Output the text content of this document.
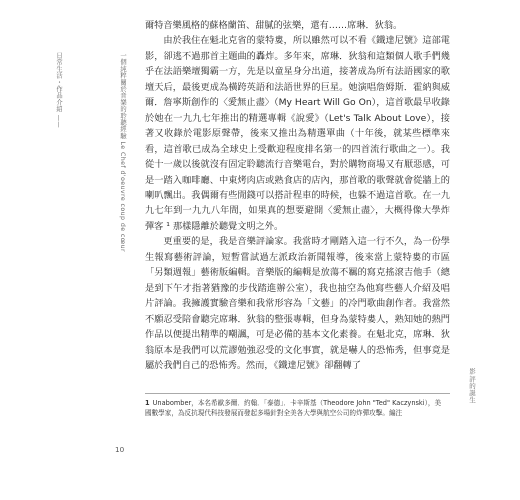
日常生活・作品介紹 ——	一個純粹關於音樂的聆聽經驗 Le Chef d'oeuvre coup de cœur

爾特音樂風格的蘇格蘭笛、甜膩的弦樂，還有……席琳．狄翁。

由於我住在魁北克省的蒙特婁，所以雖然可以不看《鐵達尼號》這部電影，卻逃不過那首主題曲的轟炸。多年來，席琳．狄翁和這類個人歌手們幾乎在法語樂壇獨霸一方，先是以童星身分出道，接著成為所有法語國家的歌壇天后，最後更成為橫跨英語和法語世界的巨星。她演唱詹姆斯．霍納與威爾．詹寧斯創作的〈愛無止盡〉（My Heart Will Go On），這首歌最早收錄於她在一九九七年推出的精選專輯《說愛》（Let's Talk About Love），接著又收錄於電影原聲帶，後來又推出為精選單曲（十年後，就某些標準來看，這首歌已成為全球史上受歡迎程度排名第一的四首流行歌曲之一）。我從十一歲以後就沒有固定聆聽流行音樂電台，對於購物商場又有厭惡感，可是一踏入咖啡廳、中東烤肉店或熟食店的店內，那首歌的歌聲就會從牆上的喇叭飄出。我偶爾有些閒錢可以搭計程車的時候，也躲不過這首歌。在一九九七年到一九九八年間，如果真的想要避開〈愛無止盡〉，大概得像大學炸彈客 ¹ 那樣隱離於聽覺文明之外。

更重要的是，我是音樂評論家。我當時才剛踏入這一行不久，為一份學生報寫藝術評論，短暫嘗試過左派政治新聞報導，後來當上蒙特婁的市區「另類週報」藝術版編輯。音樂版的編輯是放蕩不羈的寫克搖滾吉他手（總是到下午才指著猶豫的步伐踏進辦公室），我也抽空為他寫些藝人介紹及唱片評論。我擁護實驗音樂和我常形容為「文藝」的冷門歌曲創作者。我當然不願忍受陪會聽完席琳．狄翁的整張專輯，但身為蒙特婁人，熟知她的熱門作品以便提出精準的嘲諷，可是必備的基本文化素養。在魁北克，席琳．狄翁原本是我們可以荒謬勉強忍受的文化事實，就是嚇人的恐怖秀，但事竟是屬於我們自己的恐怖秀。然而，《鐵達尼號》卻翻轉了

1 Unabomber，本名希歐多爾．約翰．「泰德」．卡辛斯基（Theodore John "Ted" Kaczynski），美國數學家，為反抗現代科技發展而發起多場針對全美各大學與航空公司的炸彈攻擊。編注
影評的誕生
10
